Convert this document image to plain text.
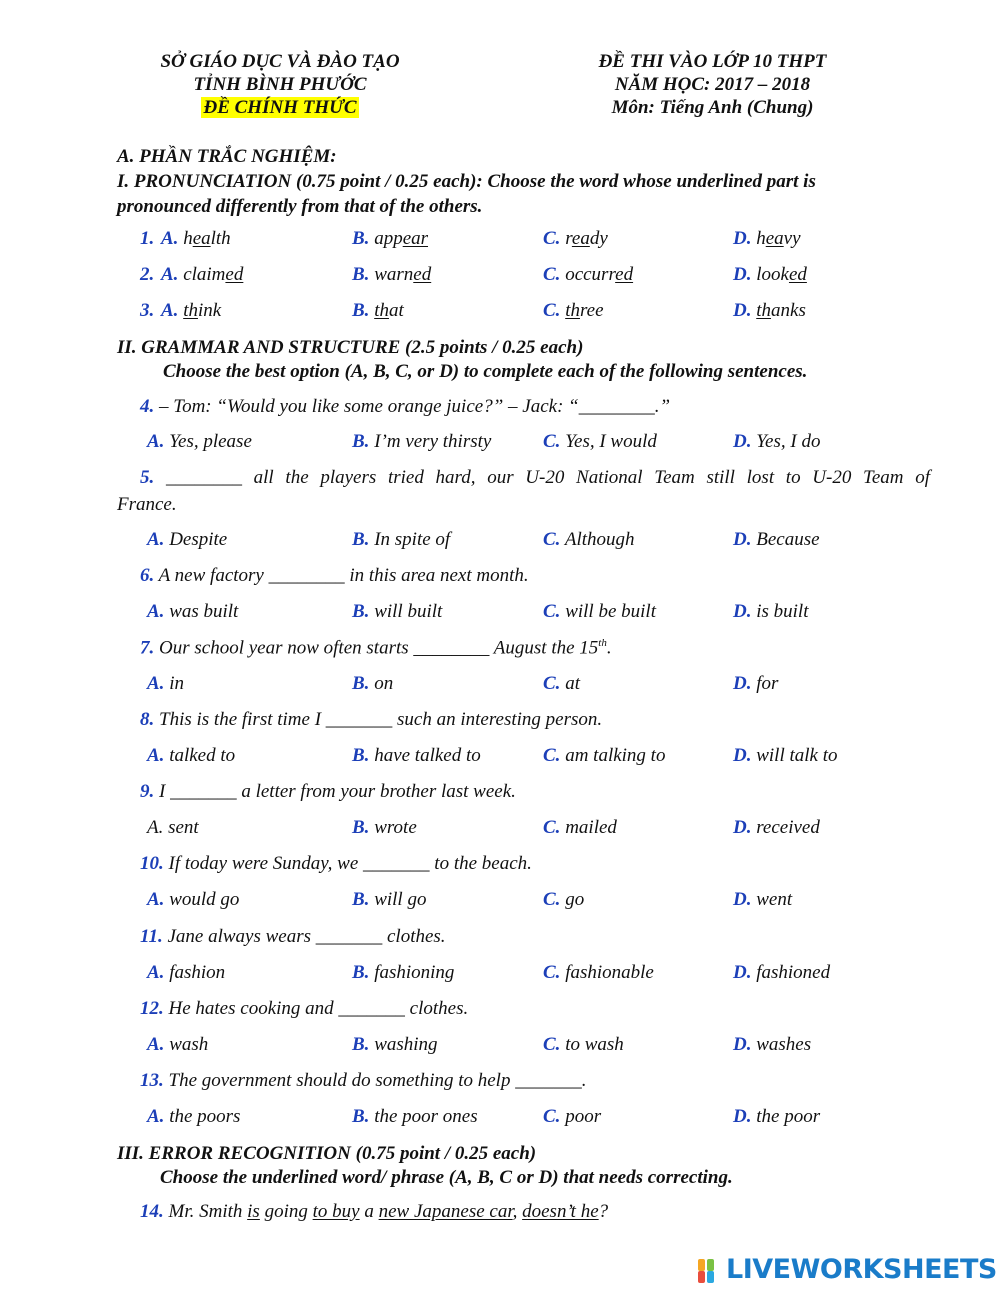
SỞ GIÁO DỤC VÀ ĐÀO TẠO
TỈNH BÌNH PHƯỚC
ĐỀ CHÍNH THỨC
ĐỀ THI VÀO LỚP 10 THPT
NĂM HỌC: 2017 – 2018
Môn: Tiếng Anh (Chung)
A. PHẦN TRẮC NGHIỆM:
I. PRONUNCIATION (0.75 point / 0.25 each): Choose the word whose underlined part is
pronounced differently from that of the others.
1. A. health	B. appear	C. ready	D. heavy
2. A. claimed	B. warned	C. occurred	D. looked
3. A. think	B. that	C. three	D. thanks
II. GRAMMAR AND STRUCTURE (2.5 points / 0.25 each)
Choose the best option (A, B, C, or D) to complete each of the following sentences.
4. – Tom: “Would you like some orange juice?” – Jack: “________.”
A. Yes, please	B. I’m very thirsty	C. Yes, I would	D. Yes, I do
5. ________ all the players tried hard, our U-20 National Team still lost to U-20 Team of
France.
A. Despite	B. In spite of	C. Although	D. Because
6. A new factory ________ in this area next month.
A. was built	B. will built	C. will be built	D. is built
7. Our school year now often starts ________ August the 15th.
A. in	B. on	C. at	D. for
8. This is the first time I _______ such an interesting person.
A. talked to	B. have talked to	C. am talking to	D. will talk to
9. I _______ a letter from your brother last week.
A. sent	B. wrote	C. mailed	D. received
10. If today were Sunday, we _______ to the beach.
A. would go	B. will go	C. go	D. went
11. Jane always wears _______ clothes.
A. fashion	B. fashioning	C. fashionable	D. fashioned
12. He hates cooking and _______ clothes.
A. wash	B. washing	C. to wash	D. washes
13. The government should do something to help _______.
A. the poors	B. the poor ones	C. poor	D. the poor
III. ERROR RECOGNITION (0.75 point / 0.25 each)
Choose the underlined word/ phrase (A, B, C or D) that needs correcting.
14. Mr. Smith is going to buy a new Japanese car, doesn’t he?
LIVEWORKSHEETS
